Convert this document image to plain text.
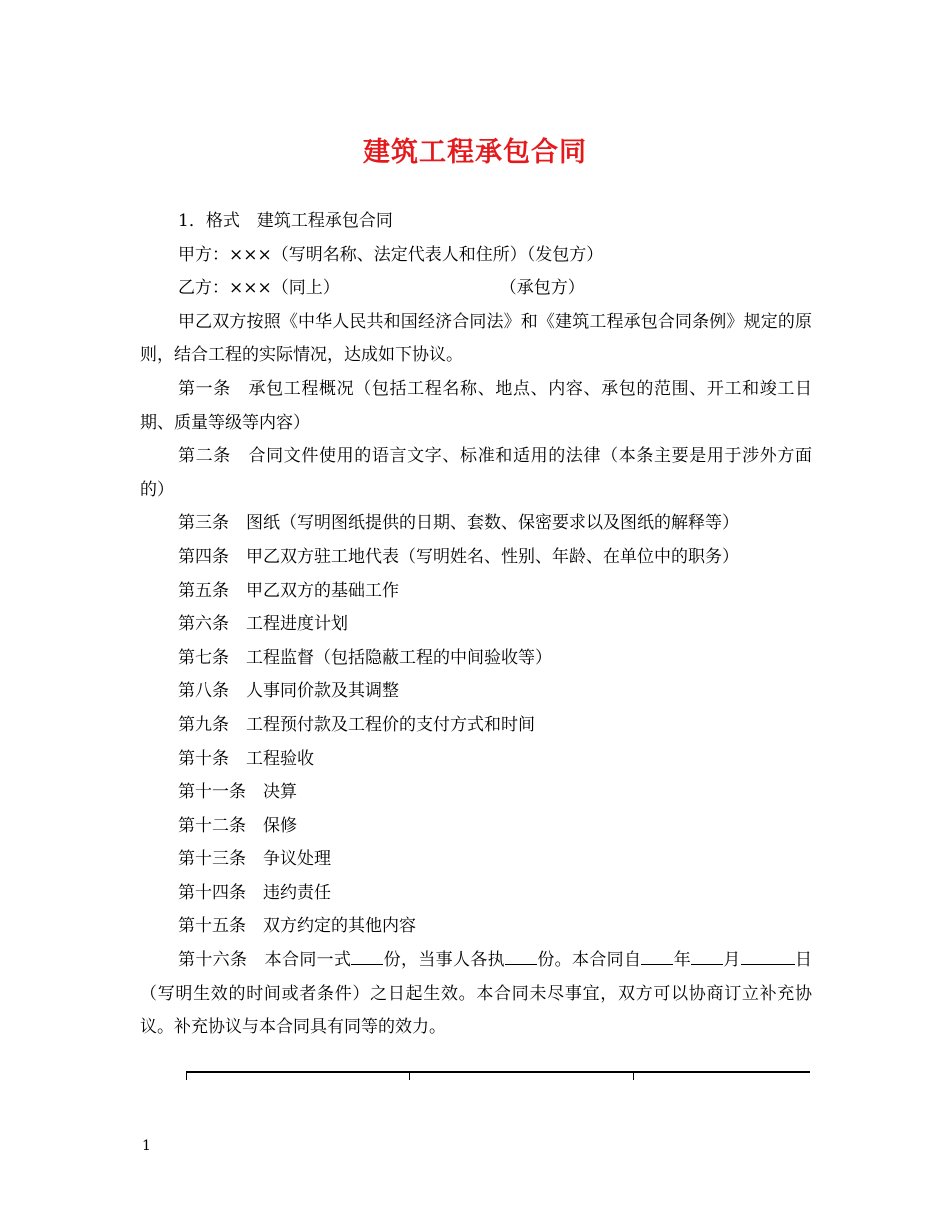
建筑工程承包合同

1．格式　建筑工程承包合同

甲方：×××（写明名称、法定代表人和住所）（发包方）

乙方：×××（同上）	（承包方）

甲乙双方按照《中华人民共和国经济合同法》和《建筑工程承包合同条例》规定的原则，结合工程的实际情况，达成如下协议。

第一条 承包工程概况（包括工程名称、地点、内容、承包的范围、开工和竣工日期、质量等级等内容）

第二条 合同文件使用的语言文字、标准和适用的法律（本条主要是用于涉外方面的）

第三条 图纸（写明图纸提供的日期、套数、保密要求以及图纸的解释等）

第四条 甲乙双方驻工地代表（写明姓名、性别、年龄、在单位中的职务）

第五条 甲乙双方的基础工作

第六条 工程进度计划

第七条 工程监督（包括隐蔽工程的中间验收等）

第八条 人事同价款及其调整

第九条 工程预付款及工程价的支付方式和时间

第十条 工程验收

第十一条 决算

第十二条 保修

第十三条 争议处理

第十四条 违约责任

第十五条 双方约定的其他内容

第十六条 本合同一式 份，当事人各执 份。本合同自 年 月	日（写明生效的时间或者条件）之日起生效。本合同未尽事宜，双方可以协商订立补充协议。补充协议与本合同具有同等的效力。

1
